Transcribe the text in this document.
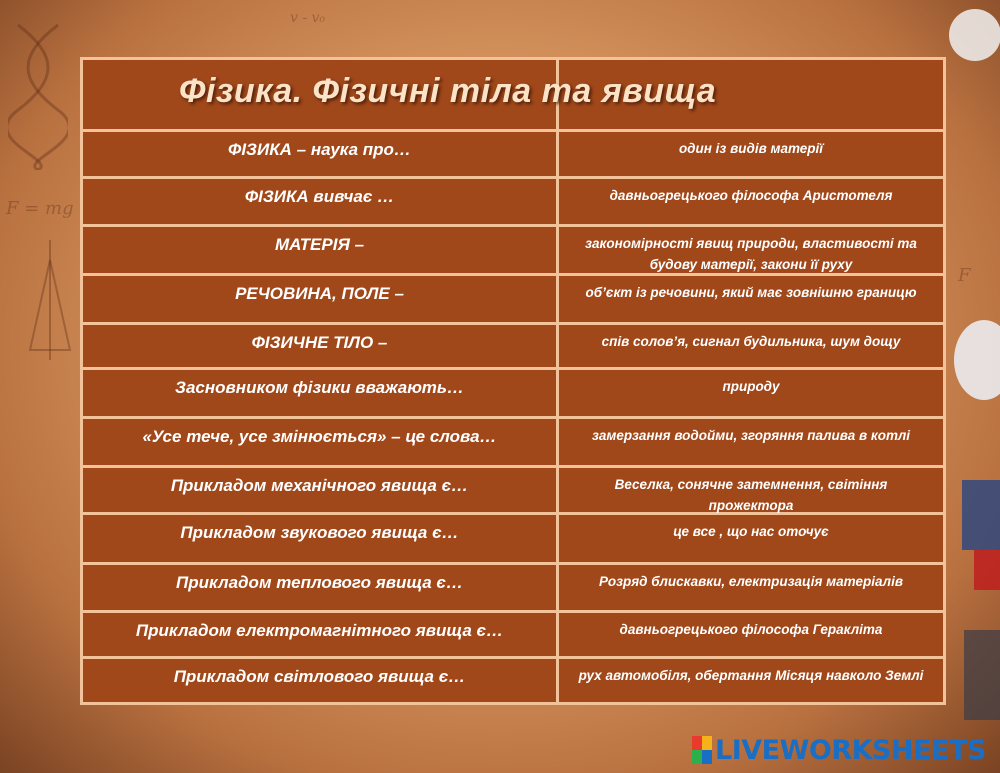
F = mg
F
v - v₀
Фізика. Фізичні тіла та явища
ФІЗИКА – наука про…	один із видів матерії
ФІЗИКА вивчає …	давньогрецького філософа Аристотеля
МАТЕРІЯ –	закономірності явищ природи, властивості та будову матерії, закони її руху
РЕЧОВИНА, ПОЛЕ –	об’єкт із речовини, який має зовнішню границю
ФІЗИЧНЕ ТІЛО –	спів солов’я, сигнал будильника, шум дощу
Засновником фізики вважають…	природу
«Усе тече, усе змінюється» – це слова…	замерзання водойми, згоряння палива в котлі
Прикладом механічного явища є…	Веселка, сонячне затемнення, світіння прожектора
Прикладом звукового явища є…	це все , що нас оточує
Прикладом теплового явища є…	Розряд блискавки, електризація матеріалів
Прикладом електромагнітного явища є…	давньогрецького філософа Геракліта
Прикладом світлового явища є…	рух автомобіля, обертання Місяця навколо Землі
LIVEWORKSHEETS
